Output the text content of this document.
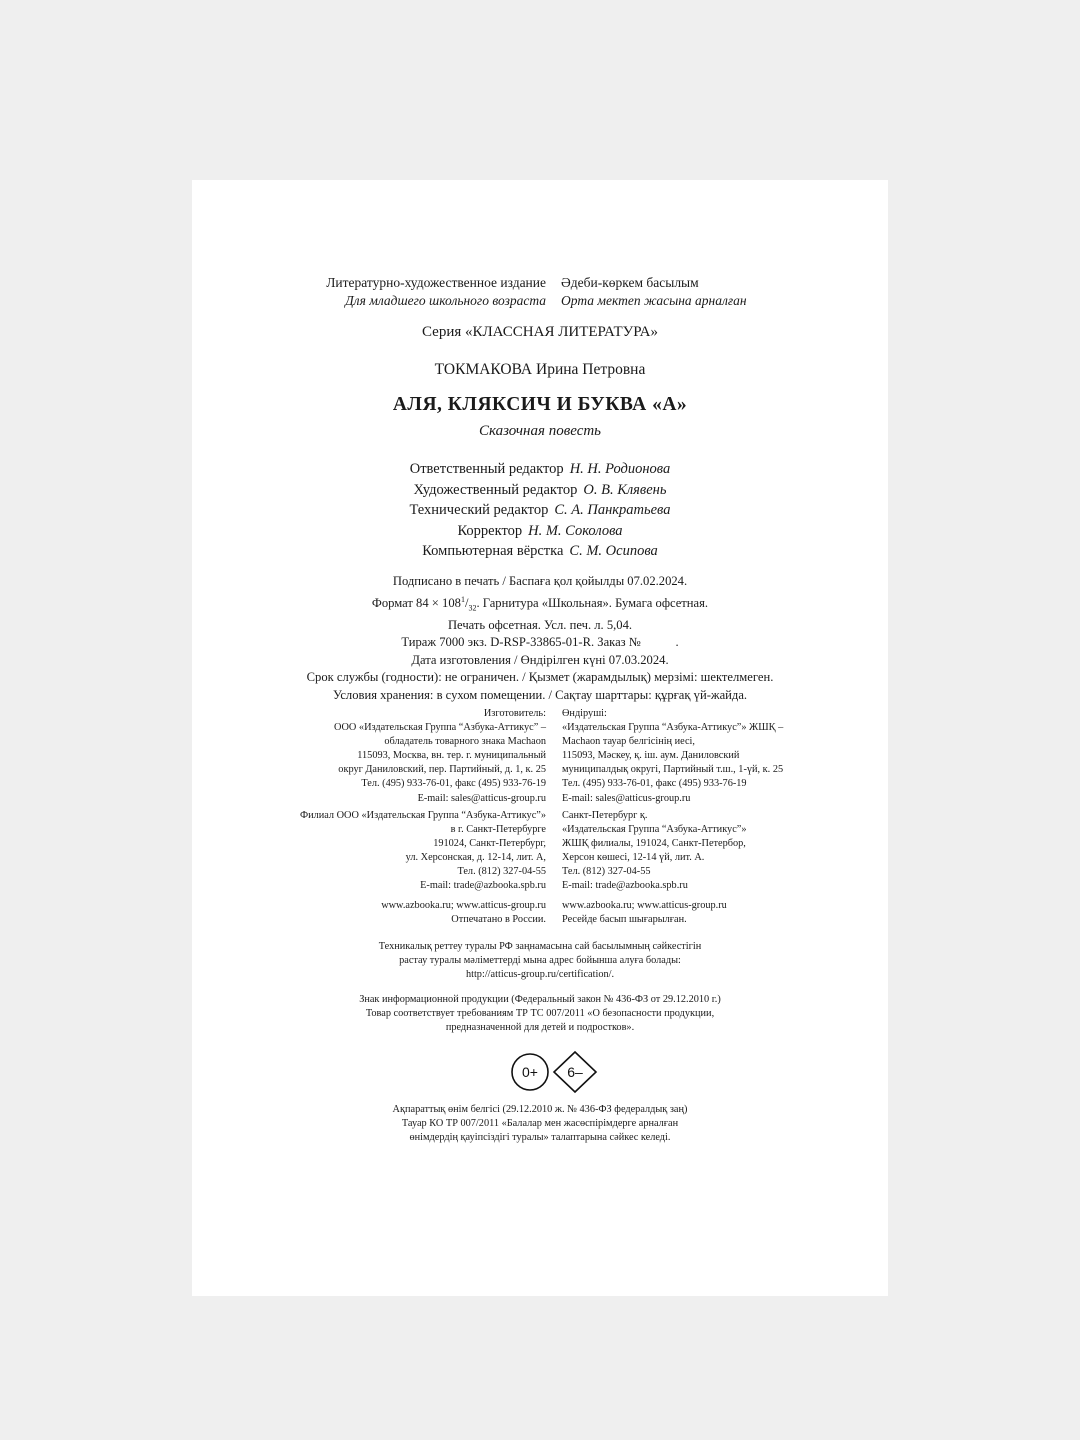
Литературно-художественное издание
Для младшего школьного возраста
Әдеби-көркем басылым
Орта мектеп жасына арналған
Серия «КЛАССНАЯ ЛИТЕРАТУРА»
ТОКМАКОВА Ирина Петровна
АЛЯ, КЛЯКСИЧ И БУКВА «А»
Сказочная повесть
Ответственный редактор Н. Н. Родионова
Художественный редактор О. В. Клявень
Технический редактор С. А. Панкратьева
Корректор Н. М. Соколова
Компьютерная вёрстка С. М. Осипова
Подписано в печать / Баспаға қол қойылды 07.02.2024.
Формат $84 \times 108^1/_{32}$. Гарнитура «Школьная». Бумага офсетная.
Печать офсетная. Усл. печ. л. 5,04.
Тираж 7000 экз. D-RSP-33865-01-R. Заказ №           .
Дата изготовления / Өндірілген күні 07.03.2024.
Срок службы (годности): не ограничен. / Қызмет (жарамдылық) мерзімі: шектелмеген.
Условия хранения: в сухом помещении. / Сақтау шарттары: құрғақ үй-жайда.
Изготовитель:
ООО «Издательская Группа “Азбука-Аттикус” –
обладатель товарного знака Machaon
115093, Москва, вн. тер. г. муниципальный
округ Даниловский, пер. Партийный, д. 1, к. 25
Тел. (495) 933-76-01, факс (495) 933-76-19
E-mail: sales@atticus-group.ru
Өндіруші:
«Издательская Группа “Азбука-Аттикус”» ЖШҚ –
Machaon тауар белгісінің иесі,
115093, Мәскеу, қ. іш. аум. Даниловский
муниципалдық округі, Партийный т.ш., 1-үй, к. 25
Тел. (495) 933-76-01, факс (495) 933-76-19
E-mail: sales@atticus-group.ru
Филиал ООО «Издательская Группа “Азбука-Аттикус”»
в г. Санкт-Петербурге
191024, Санкт-Петербург,
ул. Херсонская, д. 12-14, лит. А,
Тел. (812) 327-04-55
E-mail: trade@azbooka.spb.ru
Санкт-Петербург қ.
«Издательская Группа “Азбука-Аттикус”»
ЖШҚ филиалы, 191024, Санкт-Петербор,
Херсон көшесі, 12-14 үй, лит. А.
Тел. (812) 327-04-55
E-mail: trade@azbooka.spb.ru
www.azbooka.ru; www.atticus-group.ru
Отпечатано в России.
www.azbooka.ru; www.atticus-group.ru
Ресейде басып шығарылған.
Техникалық реттеу туралы РФ заңнамасына сай басылымның сәйкестігін
растау туралы мәліметтерді мына адрес бойынша алуға болады:
http://atticus-group.ru/certification/.
Знак информационной продукции (Федеральный закон № 436-ФЗ от 29.12.2010 г.)
Товар соответствует требованиям ТР ТС 007/2011 «О безопасности продукции,
предназначенной для детей и подростков».
0+ 6–
Ақпараттық өнім белгісі (29.12.2010 ж. № 436-ФЗ федералдық заң)
Тауар КО ТР 007/2011 «Балалар мен жасөспірімдерге арналған
өнімдердің қауіпсіздігі туралы» талаптарына сәйкес келеді.
